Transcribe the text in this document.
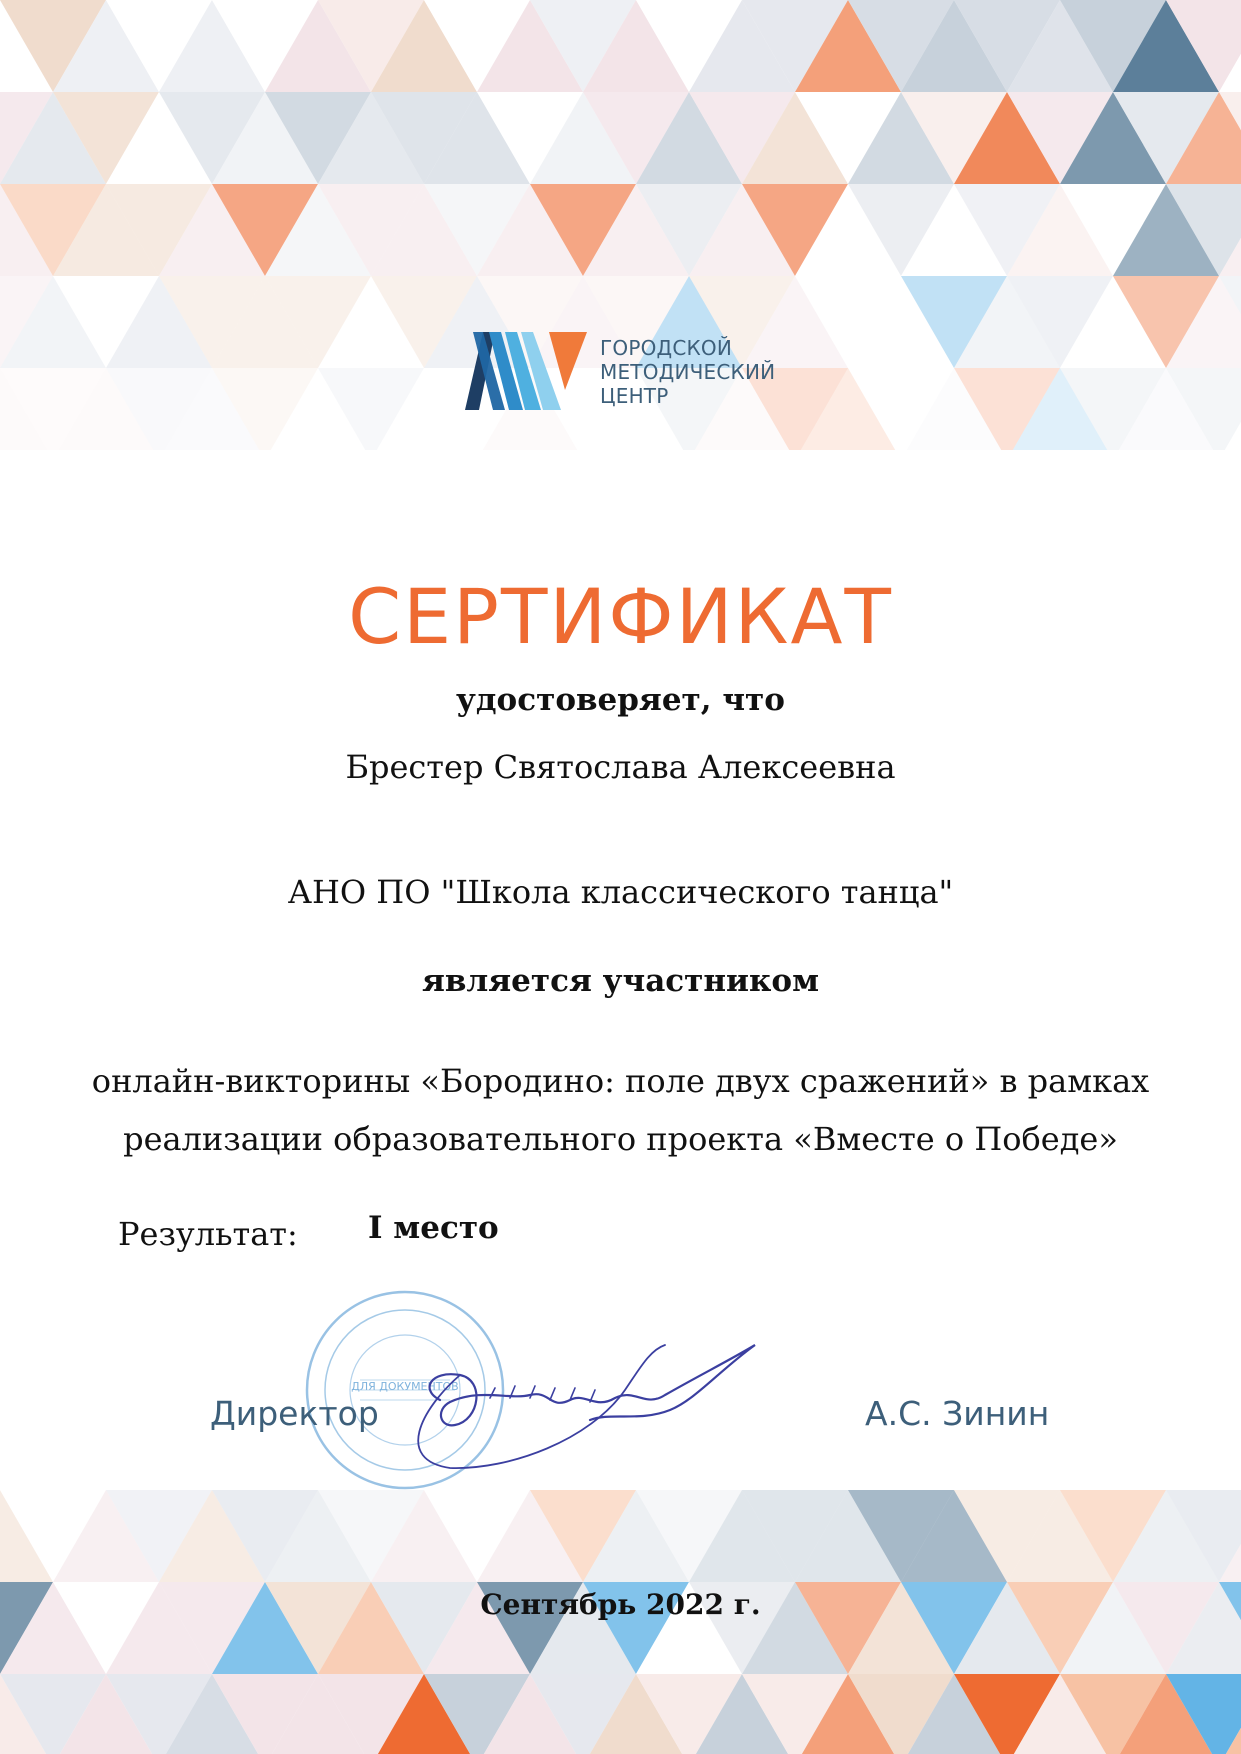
ГОРОДСКОЙ
МЕТОДИЧЕСКИЙ
ЦЕНТР
СЕРТИФИКАТ
удостоверяет, что
Брестер Святослава Алексеевна
АНО ПО "Школа классического танца"
является участником
онлайн-викторины «Бородино: поле двух сражений» в рамках
реализации образовательного проекта «Вместе о Победе»
Результат: I место
ДЛЯ ДОКУМЕНТОВ
Директор	А.С. Зинин
Сентябрь 2022 г.
